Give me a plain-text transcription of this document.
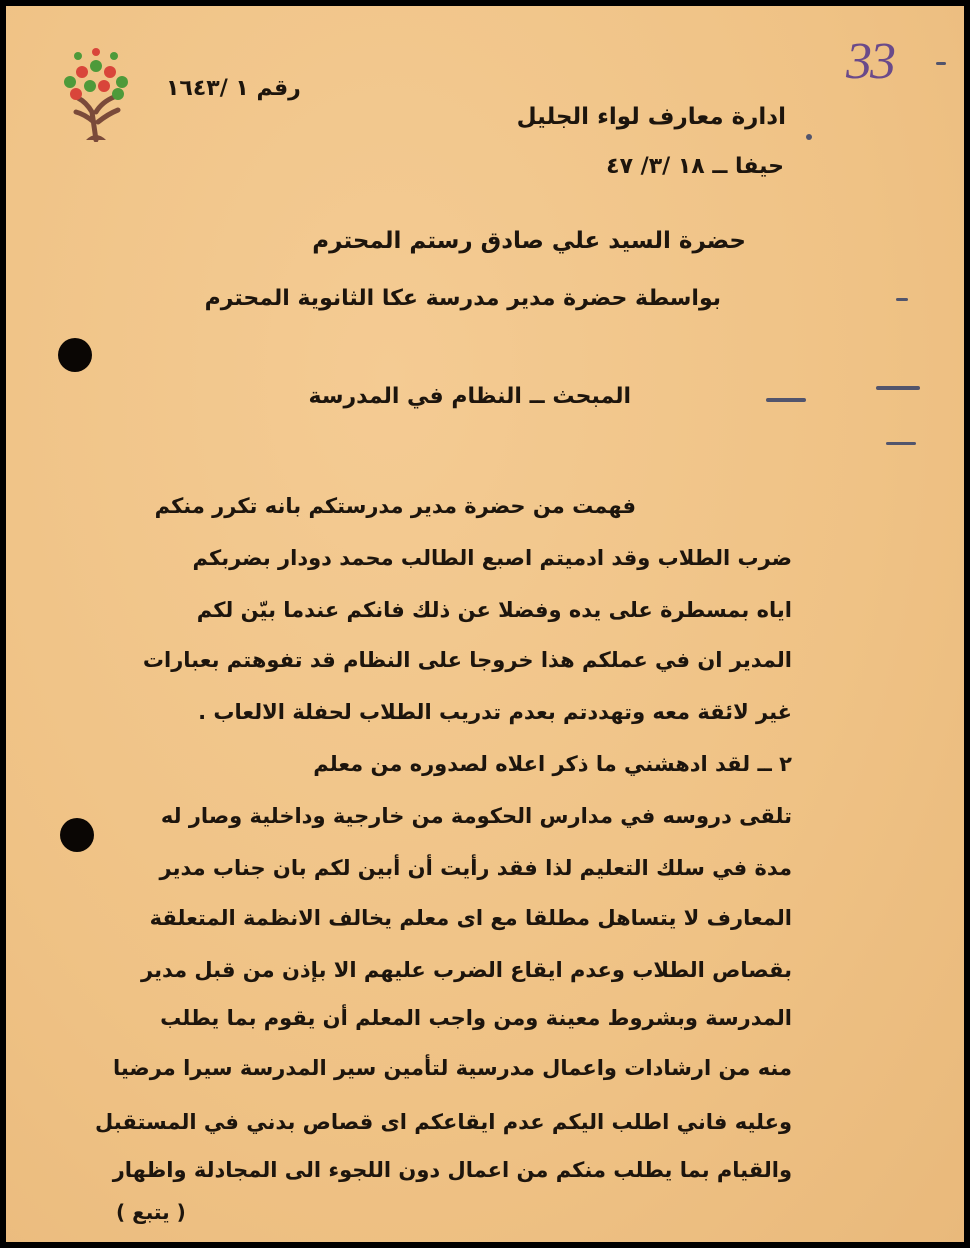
33
رقم ١ /١٦٤٣
ادارة معارف لواء الجليل
حيفا ــ ١٨ /٣/ ٤٧
حضرة السيد علي صادق رستم المحترم
بواسطة حضرة مدير مدرسة عكا الثانوية المحترم
المبحث ــ النظام في المدرسة
فهمت من حضرة مدير مدرستكم بانه تكرر منكم
ضرب الطلاب وقد ادميتم اصبع الطالب محمد دودار بضربكم
اياه بمسطرة على يده وفضلا عن ذلك فانكم عندما بيّن لكم
المدير ان في عملكم هذا خروجا على النظام قد تفوهتم بعبارات
غير لائقة معه وتهددتم بعدم تدريب الطلاب لحفلة الالعاب .
٢ ــ لقد ادهشني ما ذكر اعلاه لصدوره من معلم
تلقى دروسه في مدارس الحكومة من خارجية وداخلية وصار له
مدة في سلك التعليم لذا فقد رأيت أن أبين لكم بان جناب مدير
المعارف لا يتساهل مطلقا مع اى معلم يخالف الانظمة المتعلقة
بقصاص الطلاب وعدم ايقاع الضرب عليهم الا بإذن من قبل مدير
المدرسة وبشروط معينة ومن واجب المعلم أن يقوم بما يطلب
منه من ارشادات واعمال مدرسية لتأمين سير المدرسة سيرا مرضيا
وعليه فاني اطلب اليكم عدم ايقاعكم اى قصاص بدني في المستقبل
والقيام بما يطلب منكم من اعمال دون اللجوء الى المجادلة واظهار
( يتبع )
